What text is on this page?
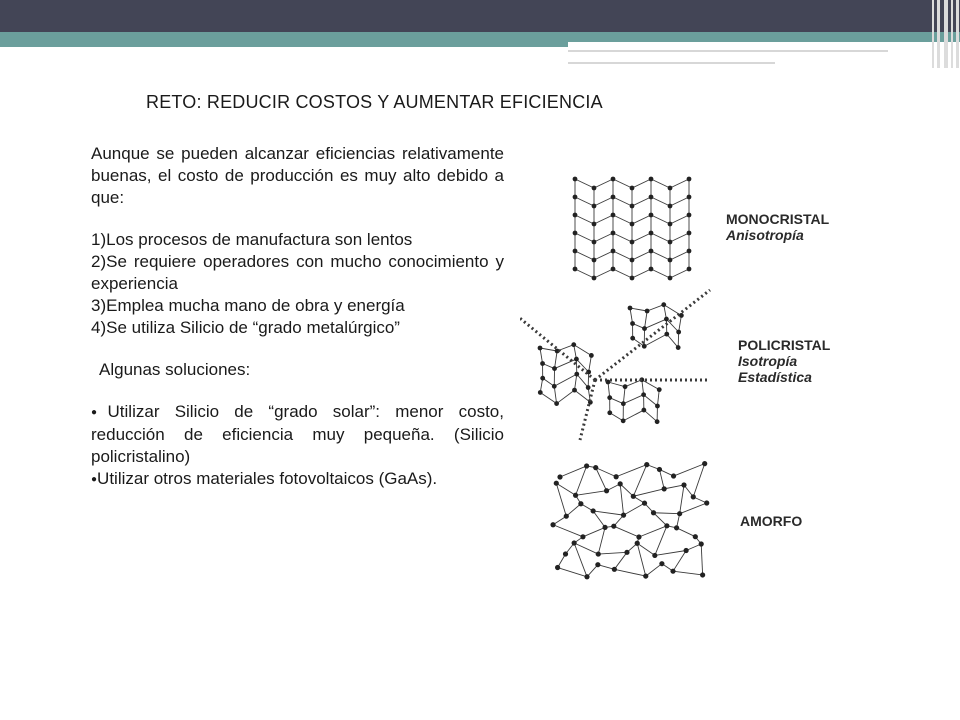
RETO: REDUCIR COSTOS Y AUMENTAR EFICIENCIA

Aunque se pueden alcanzar eficiencias relativamente buenas, el costo de producción es muy alto debido a que:

1)Los procesos de manufactura son lentos

2)Se requiere operadores con mucho conocimiento y experiencia

3)Emplea mucha mano de obra y energía

4)Se utiliza Silicio de “grado metalúrgico”

Algunas soluciones:

●Utilizar Silicio de “grado solar”: menor costo, reducción de eficiencia muy pequeña. (Silicio policristalino)

●Utilizar otros materiales fotovoltaicos (GaAs).

MONOCRISTAL
Anisotropía
POLICRISTAL
Isotropía
Estadística
AMORFO
